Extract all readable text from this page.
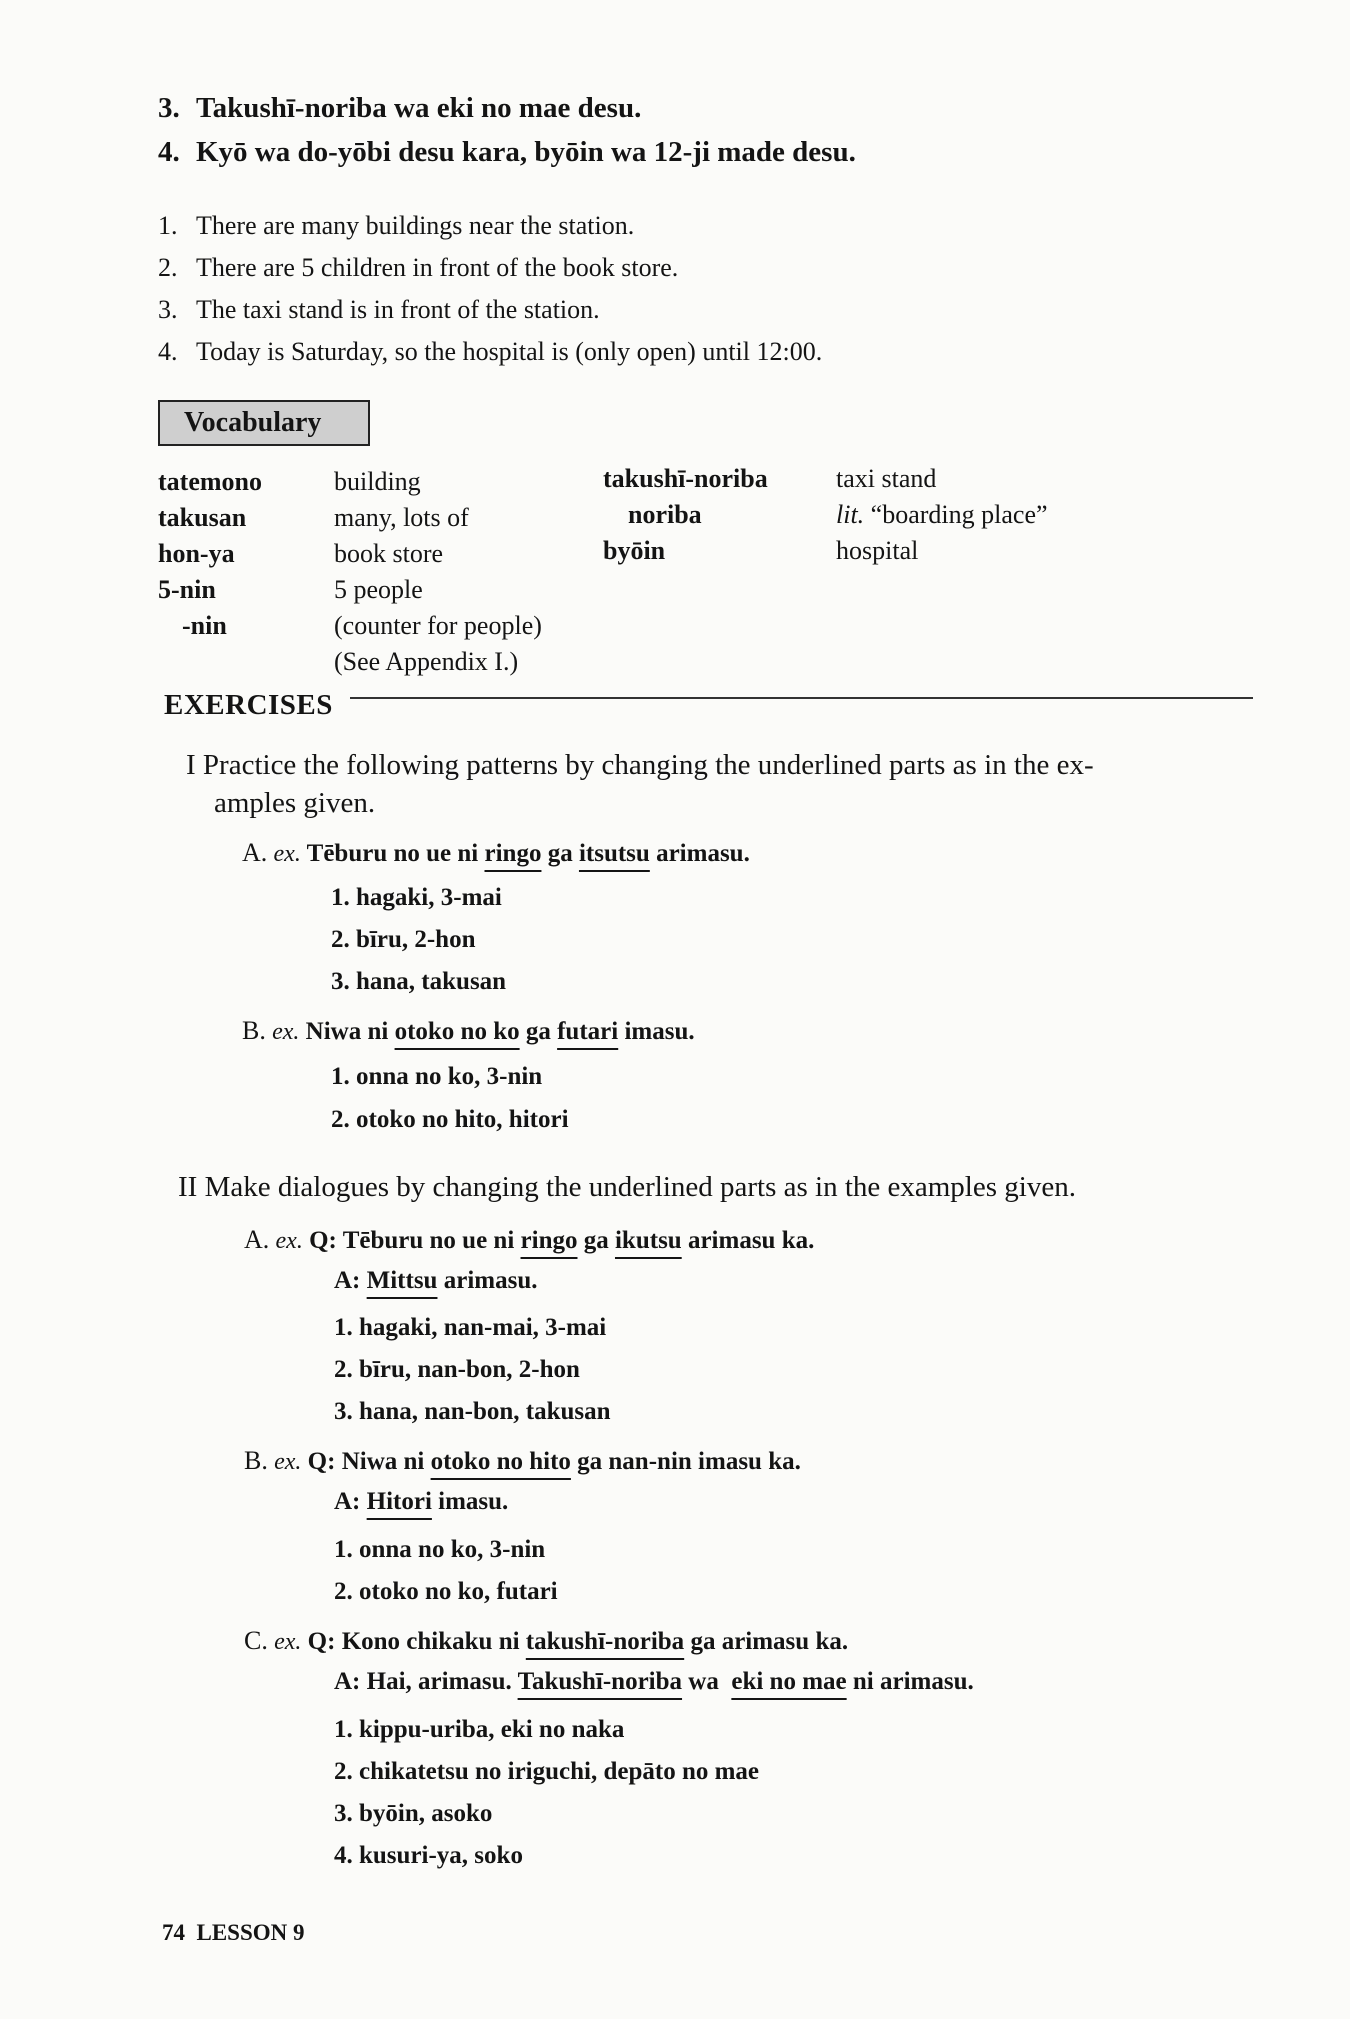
3. Takushī-noriba wa eki no mae desu.
4. Kyō wa do-yōbi desu kara, byōin wa 12-ji made desu.
1. There are many buildings near the station.
2. There are 5 children in front of the book store.
3. The taxi stand is in front of the station.
4. Today is Saturday, so the hospital is (only open) until 12:00.
Vocabulary
tatemono	building
takusan	many, lots of
hon-ya	book store
5-nin	5 people
-nin	(counter for people)
(See Appendix I.)
takushī-noriba	taxi stand
noriba	lit. “boarding place”
byōin	hospital
EXERCISES
I Practice the following patterns by changing the underlined parts as in the ex-
amples given.
A. ex. Tēburu no ue ni ringo ga itsutsu arimasu.
1. hagaki, 3-mai
2. bīru, 2-hon
3. hana, takusan
B. ex. Niwa ni otoko no ko ga futari imasu.
1. onna no ko, 3-nin
2. otoko no hito, hitori
II Make dialogues by changing the underlined parts as in the examples given.
A. ex. Q: Tēburu no ue ni ringo ga ikutsu arimasu ka.
A: Mittsu arimasu.
1. hagaki, nan-mai, 3-mai
2. bīru, nan-bon, 2-hon
3. hana, nan-bon, takusan
B. ex. Q: Niwa ni otoko no hito ga nan-nin imasu ka.
A: Hitori imasu.
1. onna no ko, 3-nin
2. otoko no ko, futari
C. ex. Q: Kono chikaku ni takushī-noriba ga arimasu ka.
A: Hai, arimasu. Takushī-noriba wa  eki no mae ni arimasu.
1. kippu-uriba, eki no naka
2. chikatetsu no iriguchi, depāto no mae
3. byōin, asoko
4. kusuri-ya, soko
74 LESSON 9
